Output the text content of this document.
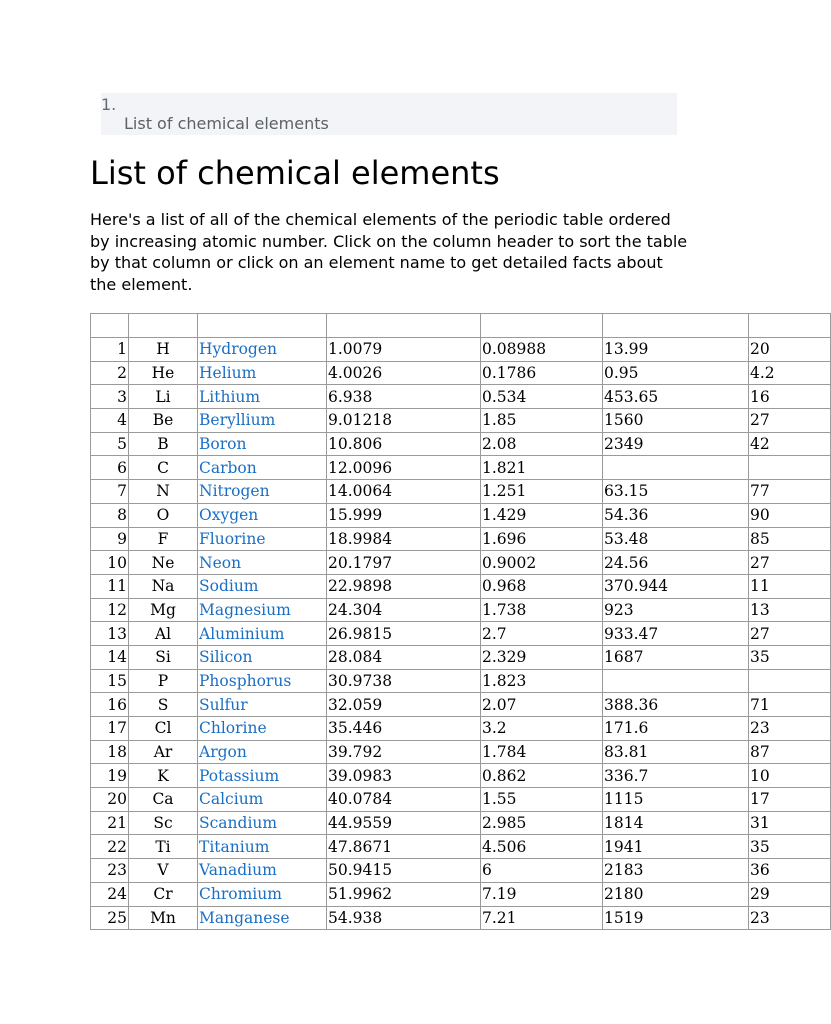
1.
List of chemical elements
List of chemical elements

Here's a list of all of the chemical elements of the periodic table ordered by increasing atomic number. Click on the column header to sort the table by that column or click on an element name to get detailed facts about the element.

1	H	Hydrogen	1.0079	0.08988	13.99	20
2	He	Helium	4.0026	0.1786	0.95	4.2
3	Li	Lithium	6.938	0.534	453.65	16
4	Be	Beryllium	9.01218	1.85	1560	27
5	B	Boron	10.806	2.08	2349	42
6	C	Carbon	12.0096	1.821		
7	N	Nitrogen	14.0064	1.251	63.15	77
8	O	Oxygen	15.999	1.429	54.36	90
9	F	Fluorine	18.9984	1.696	53.48	85
10	Ne	Neon	20.1797	0.9002	24.56	27
11	Na	Sodium	22.9898	0.968	370.944	11
12	Mg	Magnesium	24.304	1.738	923	13
13	Al	Aluminium	26.9815	2.7	933.47	27
14	Si	Silicon	28.084	2.329	1687	35
15	P	Phosphorus	30.9738	1.823		
16	S	Sulfur	32.059	2.07	388.36	71
17	Cl	Chlorine	35.446	3.2	171.6	23
18	Ar	Argon	39.792	1.784	83.81	87
19	K	Potassium	39.0983	0.862	336.7	10
20	Ca	Calcium	40.0784	1.55	1115	17
21	Sc	Scandium	44.9559	2.985	1814	31
22	Ti	Titanium	47.8671	4.506	1941	35
23	V	Vanadium	50.9415	6	2183	36
24	Cr	Chromium	51.9962	7.19	2180	29
25	Mn	Manganese	54.938	7.21	1519	23
